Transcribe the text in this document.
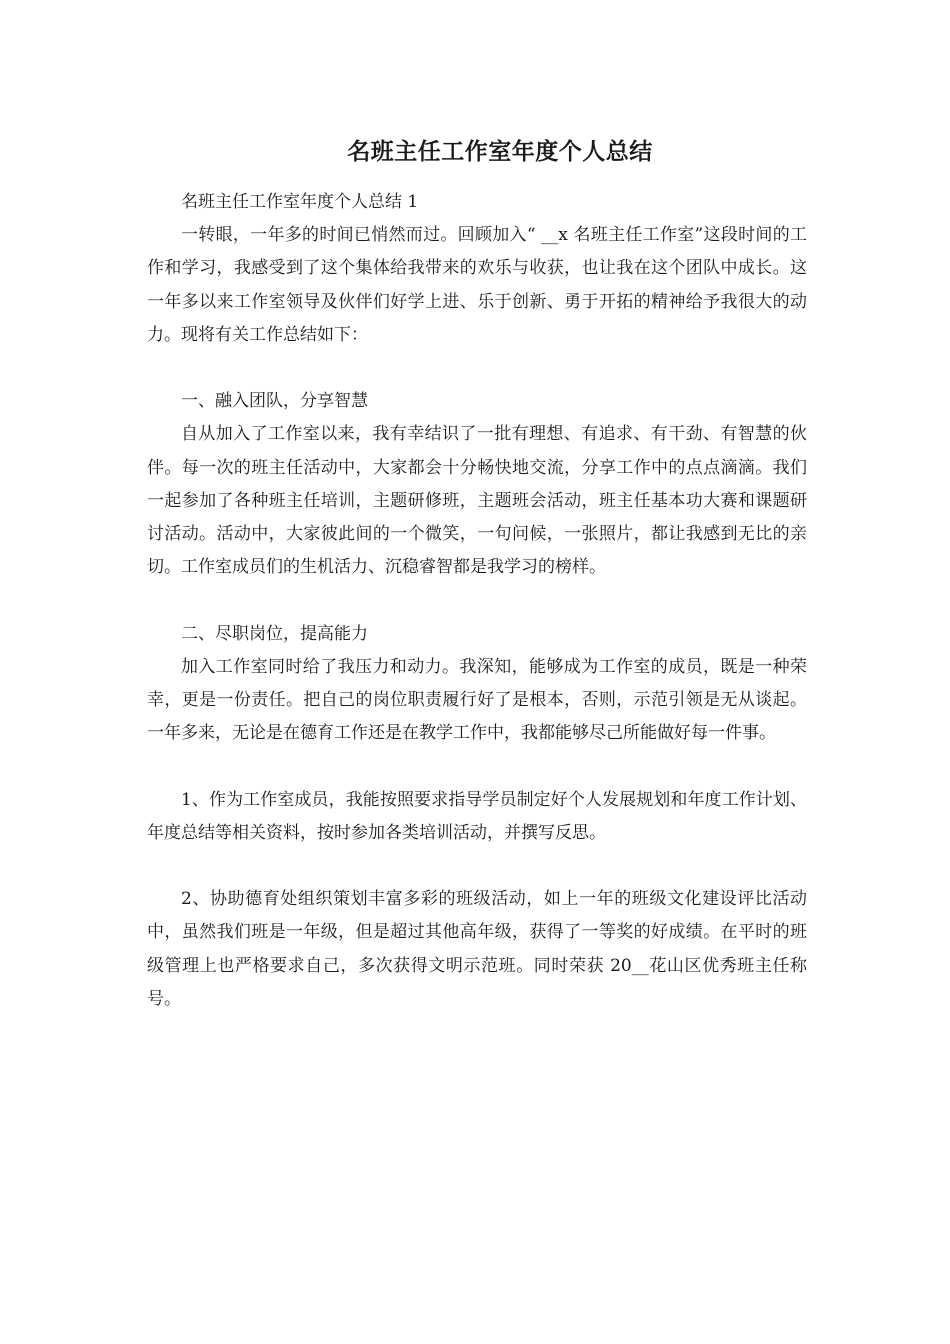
名班主任工作室年度个人总结

名班主任工作室年度个人总结 1

一转眼，一年多的时间已悄然而过。回顾加入“ __x 名班主任工作室”这段时间的工作和学习，我感受到了这个集体给我带来的欢乐与收获，也让我在这个团队中成长。这一年多以来工作室领导及伙伴们好学上进、乐于创新、勇于开拓的精神给予我很大的动力。现将有关工作总结如下：

一、融入团队，分享智慧

自从加入了工作室以来，我有幸结识了一批有理想、有追求、有干劲、有智慧的伙伴。每一次的班主任活动中，大家都会十分畅快地交流，分享工作中的点点滴滴。我们一起参加了各种班主任培训，主题研修班，主题班会活动，班主任基本功大赛和课题研讨活动。活动中，大家彼此间的一个微笑，一句问候，一张照片，都让我感到无比的亲切。工作室成员们的生机活力、沉稳睿智都是我学习的榜样。

二、尽职岗位，提高能力

加入工作室同时给了我压力和动力。我深知，能够成为工作室的成员，既是一种荣幸，更是一份责任。把自己的岗位职责履行好了是根本，否则，示范引领是无从谈起。一年多来，无论是在德育工作还是在教学工作中，我都能够尽己所能做好每一件事。

1、作为工作室成员，我能按照要求指导学员制定好个人发展规划和年度工作计划、年度总结等相关资料，按时参加各类培训活动，并撰写反思。

2、协助德育处组织策划丰富多彩的班级活动，如上一年的班级文化建设评比活动中，虽然我们班是一年级，但是超过其他高年级，获得了一等奖的好成绩。在平时的班级管理上也严格要求自己，多次获得文明示范班。同时荣获 20__花山区优秀班主任称号。
